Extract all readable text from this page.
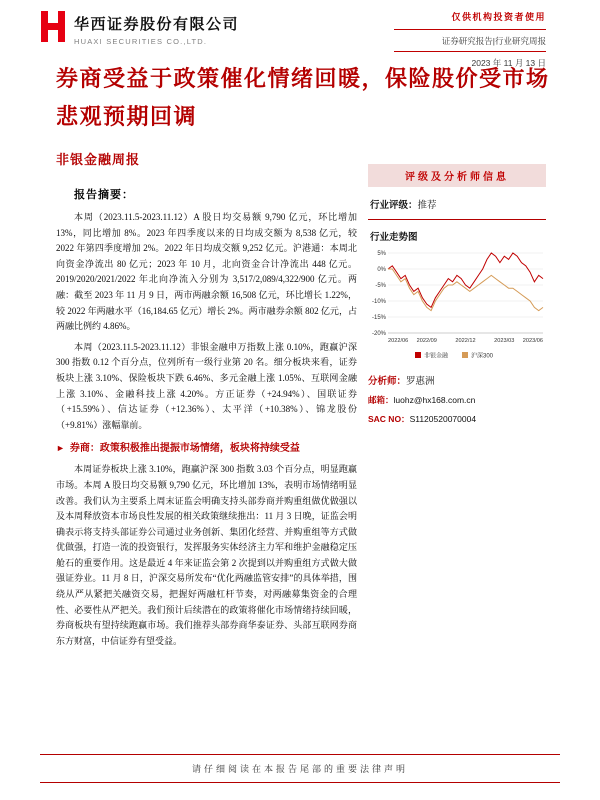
华西证券股份有限公司
HUAXI SECURITIES CO.,LTD.
仅供机构投资者使用
证券研究报告|行业研究周报
2023 年 11 月 13 日
券商受益于政策催化情绪回暖，保险股价受市场悲观预期回调
非银金融周报
报告摘要：

本周（2023.11.5-2023.11.12）A 股日均交易额 9,790 亿元，环比增加 13%，同比增加 8%。2023 年四季度以来的日均成交额为 8,538 亿元，较 2022 年第四季度增加 2%。2022 年日均成交额 9,252 亿元。沪港通：本周北向资金净流出 80 亿元；2023 年 10 月，北向资金合计净流出 448 亿元。2019/2020/2021/2022 年北向净流入分别为 3,517/2,089/4,322/900 亿元。两融：截至 2023 年 11 月 9 日，两市两融余额 16,508 亿元，环比增长 1.22%，较 2022 年两融水平（16,184.65 亿元）增长 2%。两市融券余额 802 亿元，占两融比例约 4.86%。

本周（2023.11.5-2023.11.12）非银金融申万指数上涨 0.10%，跑赢沪深 300 指数 0.12 个百分点，位列所有一级行业第 20 名。细分板块来看，证券板块上涨 3.10%、保险板块下跌 6.46%、多元金融上涨 1.05%、互联网金融上涨 3.10%、金融科技上涨 4.20%。方正证券（+24.94%）、国联证券（+15.59%）、信达证券（+12.36%）、太平洋（+10.38%）、锦龙股份（+9.81%）涨幅靠前。

► 券商：政策积极推出提振市场情绪，板块将持续受益

本周证券板块上涨 3.10%，跑赢沪深 300 指数 3.03 个百分点，明显跑赢市场。本周 A 股日均交易额 9,790 亿元，环比增加 13%，表明市场情绪明显改善。我们认为主要系上周末证监会明确支持头部券商并购重组做优做强以及本周释放资本市场良性发展的相关政策继续推出：11 月 3 日晚，证监会明确表示将支持头部证券公司通过业务创新、集团化经营、并购重组等方式做优做强，打造一流的投资银行，发挥服务实体经济主力军和维护金融稳定压舱石的重要作用。这是最近 4 年来证监会第 2 次提到以并购重组方式做大做强证券业。11 月 8 日，沪深交易所发布“优化两融监管安排”的具体举措，围绕从严从紧把关融资交易，把握好两融杠杆节奏，对两融募集资金的合理性、必要性从严把关。我们预计后续潜在的政策将催化市场情绪持续回暖，券商板块有望持续跑赢市场。我们推荐头部券商华泰证券、头部互联网券商东方财富，中信证券有望受益。

评级及分析师信息
行业评级：推荐
行业走势图
5%
0%
-5%
-10%
-15%
-20%
2022/06 2022/09	2022/12	2023/03 2023/06
非银金融	沪深300
分析师：罗惠洲
邮箱：luohz@hx168.com.cn
SAC NO：S1120520070004
请仔细阅读在本报告尾部的重要法律声明
